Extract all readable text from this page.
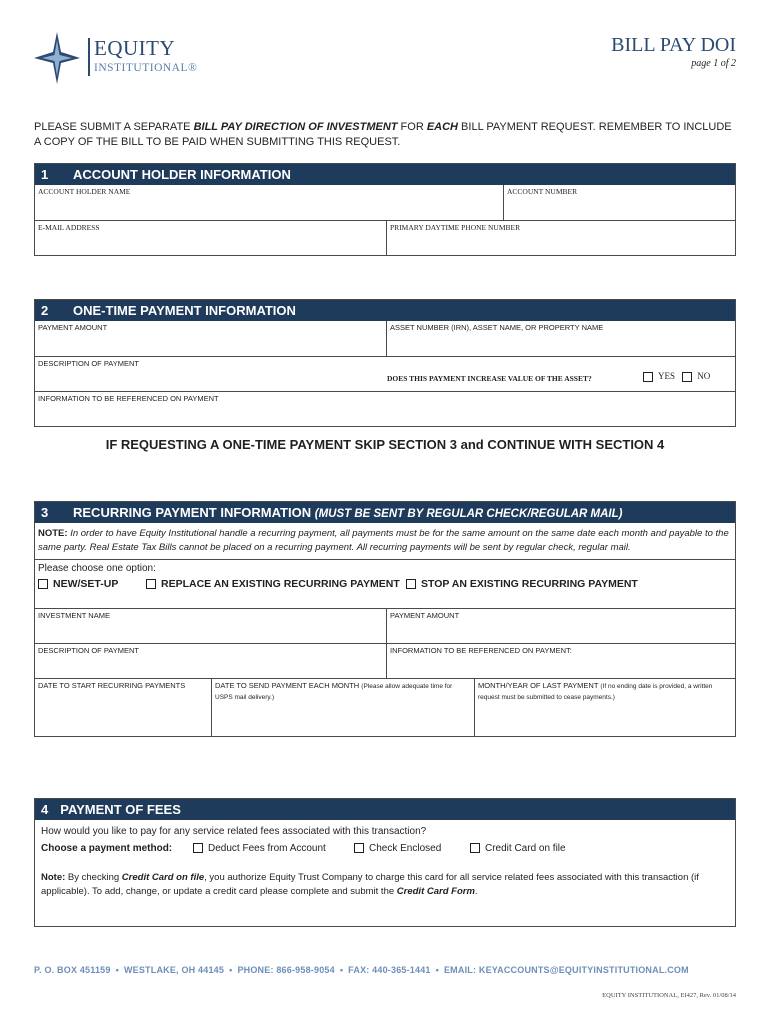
EQUITY
INSTITUTIONAL®
BILL PAY DOI
page 1 of 2
PLEASE SUBMIT A SEPARATE BILL PAY DIRECTION OF INVESTMENT FOR EACH BILL PAYMENT REQUEST. REMEMBER TO INCLUDE A COPY OF THE BILL TO BE PAID WHEN SUBMITTING THIS REQUEST.
1 ACCOUNT HOLDER INFORMATION
ACCOUNT HOLDER NAME	ACCOUNT NUMBER
E-MAIL ADDRESS	PRIMARY DAYTIME PHONE NUMBER
2 ONE-TIME PAYMENT INFORMATION
PAYMENT AMOUNT	ASSET NUMBER (IRN), ASSET NAME, OR PROPERTY NAME
DESCRIPTION OF PAYMENT
DOES THIS PAYMENT INCREASE VALUE OF THE ASSET?	YES NO
INFORMATION TO BE REFERENCED ON PAYMENT
IF REQUESTING A ONE-TIME PAYMENT SKIP SECTION 3 and CONTINUE WITH SECTION 4
3 RECURRING PAYMENT INFORMATION (MUST BE SENT BY REGULAR CHECK/REGULAR MAIL)
NOTE: In order to have Equity Institutional handle a recurring payment, all payments must be for the same amount on the same date each month and payable to the same party. Real Estate Tax Bills cannot be placed on a recurring payment. All recurring payments will be sent by regular check, regular mail.
Please choose one option:
NEW/SET-UP	REPLACE AN EXISTING RECURRING PAYMENT	STOP AN EXISTING RECURRING PAYMENT
INVESTMENT NAME	PAYMENT AMOUNT
DESCRIPTION OF PAYMENT	INFORMATION TO BE REFERENCED ON PAYMENT:
DATE TO START RECURRING PAYMENTS	DATE TO SEND PAYMENT EACH MONTH (Please allow adequate time for USPS mail delivery.)
MONTH/YEAR OF LAST PAYMENT (If no ending date is provided, a written request must be submitted to cease payments.)
4 PAYMENT OF FEES
How would you like to pay for any service related fees associated with this transaction?
Choose a payment method:	Deduct Fees from Account	Check Enclosed	Credit Card on file
Note: By checking Credit Card on file, you authorize Equity Trust Company to charge this card for all service related fees associated with this transaction (if applicable). To add, change, or update a credit card please complete and submit the Credit Card Form.
P. O. BOX 451159 • WESTLAKE, OH 44145 • PHONE: 866-958-9054 • FAX: 440-365-1441 • EMAIL: KEYACCOUNTS@EQUITYINSTITUTIONAL.COM
EQUITY INSTITUTIONAL, EI427, Rev. 01/08/14
